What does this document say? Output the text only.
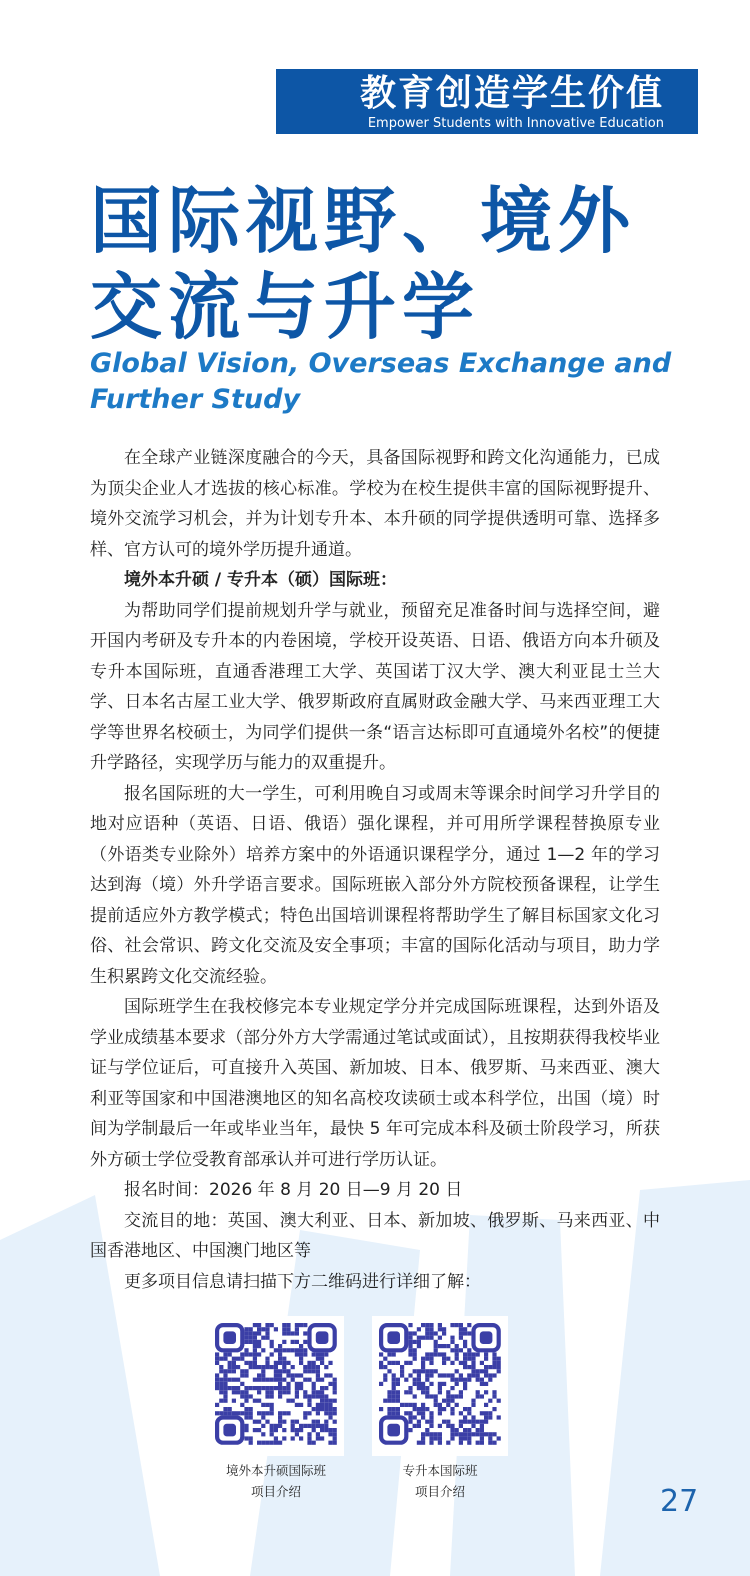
教育创造学生价值
Empower Students with Innovative Education
国际视野、境外
交流与升学
Global Vision, Overseas Exchange and
Further Study

在全球产业链深度融合的今天，具备国际视野和跨文化沟通能力，已成为顶尖企业人才选拔的核心标准。学校为在校生提供丰富的国际视野提升、境外交流学习机会，并为计划专升本、本升硕的同学提供透明可靠、选择多样、官方认可的境外学历提升通道。

境外本升硕 / 专升本（硕）国际班：

为帮助同学们提前规划升学与就业，预留充足准备时间与选择空间，避开国内考研及专升本的内卷困境，学校开设英语、日语、俄语方向本升硕及专升本国际班，直通香港理工大学、英国诺丁汉大学、澳大利亚昆士兰大学、日本名古屋工业大学、俄罗斯政府直属财政金融大学、马来西亚理工大学等世界名校硕士，为同学们提供一条“语言达标即可直通境外名校”的便捷升学路径，实现学历与能力的双重提升。

报名国际班的大一学生，可利用晚自习或周末等课余时间学习升学目的地对应语种（英语、日语、俄语）强化课程，并可用所学课程替换原专业（外语类专业除外）培养方案中的外语通识课程学分，通过 1—2 年的学习达到海（境）外升学语言要求。国际班嵌入部分外方院校预备课程，让学生提前适应外方教学模式；特色出国培训课程将帮助学生了解目标国家文化习俗、社会常识、跨文化交流及安全事项；丰富的国际化活动与项目，助力学生积累跨文化交流经验。

国际班学生在我校修完本专业规定学分并完成国际班课程，达到外语及学业成绩基本要求（部分外方大学需通过笔试或面试），且按期获得我校毕业证与学位证后，可直接升入英国、新加坡、日本、俄罗斯、马来西亚、澳大利亚等国家和中国港澳地区的知名高校攻读硕士或本科学位，出国（境）时间为学制最后一年或毕业当年，最快 5 年可完成本科及硕士阶段学习，所获外方硕士学位受教育部承认并可进行学历认证。

报名时间：2026 年 8 月 20 日—9 月 20 日

交流目的地：英国、澳大利亚、日本、新加坡、俄罗斯、马来西亚、中国香港地区、中国澳门地区等

更多项目信息请扫描下方二维码进行详细了解：

境外本升硕国际班
项目介绍
专升本国际班
项目介绍	27
